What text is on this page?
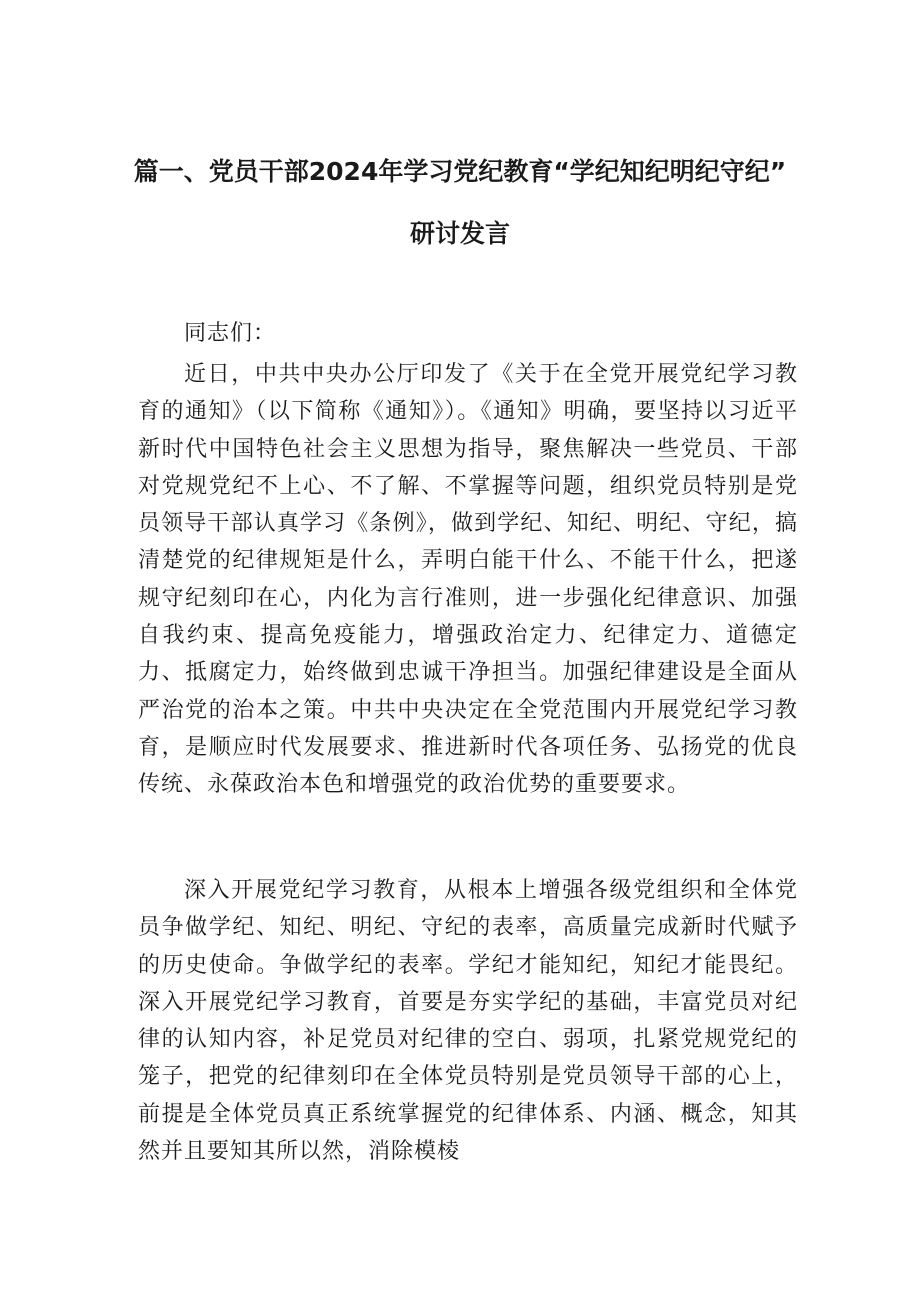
篇一、党员干部2024年学习党纪教育“学纪知纪明纪守纪”
研讨发言
同志们：

近日，中共中央办公厅印发了《关于在全党开展党纪学习教育的通知》（以下简称《通知》）。《通知》明确，要坚持以习近平新时代中国特色社会主义思想为指导，聚焦解决一些党员、干部对党规党纪不上心、不了解、不掌握等问题，组织党员特别是党员领导干部认真学习《条例》，做到学纪、知纪、明纪、守纪，搞清楚党的纪律规矩是什么，弄明白能干什么、不能干什么，把遂规守纪刻印在心，内化为言行准则，进一步强化纪律意识、加强自我约束、提高免疫能力，增强政治定力、纪律定力、道德定力、抵腐定力，始终做到忠诚干净担当。加强纪律建设是全面从严治党的治本之策。中共中央决定在全党范围内开展党纪学习教育，是顺应时代发展要求、推进新时代各项任务、弘扬党的优良传统、永葆政治本色和增强党的政治优势的重要要求。

深入开展党纪学习教育，从根本上增强各级党组织和全体党员争做学纪、知纪、明纪、守纪的表率，高质量完成新时代赋予的历史使命。争做学纪的表率。学纪才能知纪，知纪才能畏纪。深入开展党纪学习教育，首要是夯实学纪的基础，丰富党员对纪律的认知内容，补足党员对纪律的空白、弱项，扎紧党规党纪的笼子，把党的纪律刻印在全体党员特别是党员领导干部的心上，前提是全体党员真正系统掌握党的纪律体系、内涵、概念，知其然并且要知其所以然，消除模棱
